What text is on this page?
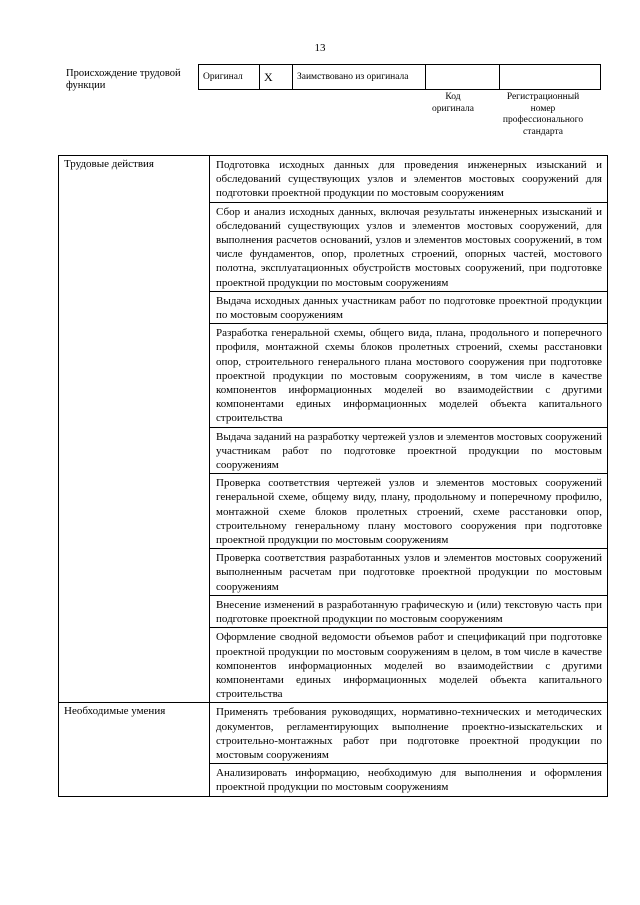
13
Происхождение трудовой функции
Оригинал	X	Заимствовано из оригинала		
Код оригинала
Регистрационный номер профессионального стандарта
Трудовые действия	Подготовка исходных данных для проведения инженерных изысканий и обследований существующих узлов и элементов мостовых сооружений для подготовки проектной продукции по мостовым сооружениям
	Сбор и анализ исходных данных, включая результаты инженерных изысканий и обследований существующих узлов и элементов мостовых сооружений, для выполнения расчетов оснований, узлов и элементов мостовых сооружений, в том числе фундаментов, опор, пролетных строений, опорных частей, мостового полотна, эксплуатационных обустройств мостовых сооружений, при подготовке проектной продукции по мостовым сооружениям
	Выдача исходных данных участникам работ по подготовке проектной продукции по мостовым сооружениям
	Разработка генеральной схемы, общего вида, плана, продольного и поперечного профиля, монтажной схемы блоков пролетных строений, схемы расстановки опор, строительного генерального плана мостового сооружения при подготовке проектной продукции по мостовым сооружениям, в том числе в качестве компонентов информационных моделей во взаимодействии с другими компонентами единых информационных моделей объекта капитального строительства
	Выдача заданий на разработку чертежей узлов и элементов мостовых сооружений участникам работ по подготовке проектной продукции по мостовым сооружениям
	Проверка соответствия чертежей узлов и элементов мостовых сооружений генеральной схеме, общему виду, плану, продольному и поперечному профилю, монтажной схеме блоков пролетных строений, схеме расстановки опор, строительному генеральному плану мостового сооружения при подготовке проектной продукции по мостовым сооружениям
	Проверка соответствия разработанных узлов и элементов мостовых сооружений выполненным расчетам при подготовке проектной продукции по мостовым сооружениям
	Внесение изменений в разработанную графическую и (или) текстовую часть при подготовке проектной продукции по мостовым сооружениям
	Оформление сводной ведомости объемов работ и спецификаций при подготовке проектной продукции по мостовым сооружениям в целом, в том числе в качестве компонентов информационных моделей во взаимодействии с другими компонентами единых информационных моделей объекта капитального строительства
Необходимые умения	Применять требования руководящих, нормативно-технических и методических документов, регламентирующих выполнение проектно-изыскательских и строительно-монтажных работ при подготовке проектной продукции по мостовым сооружениям
	Анализировать информацию, необходимую для выполнения и оформления проектной продукции по мостовым сооружениям
